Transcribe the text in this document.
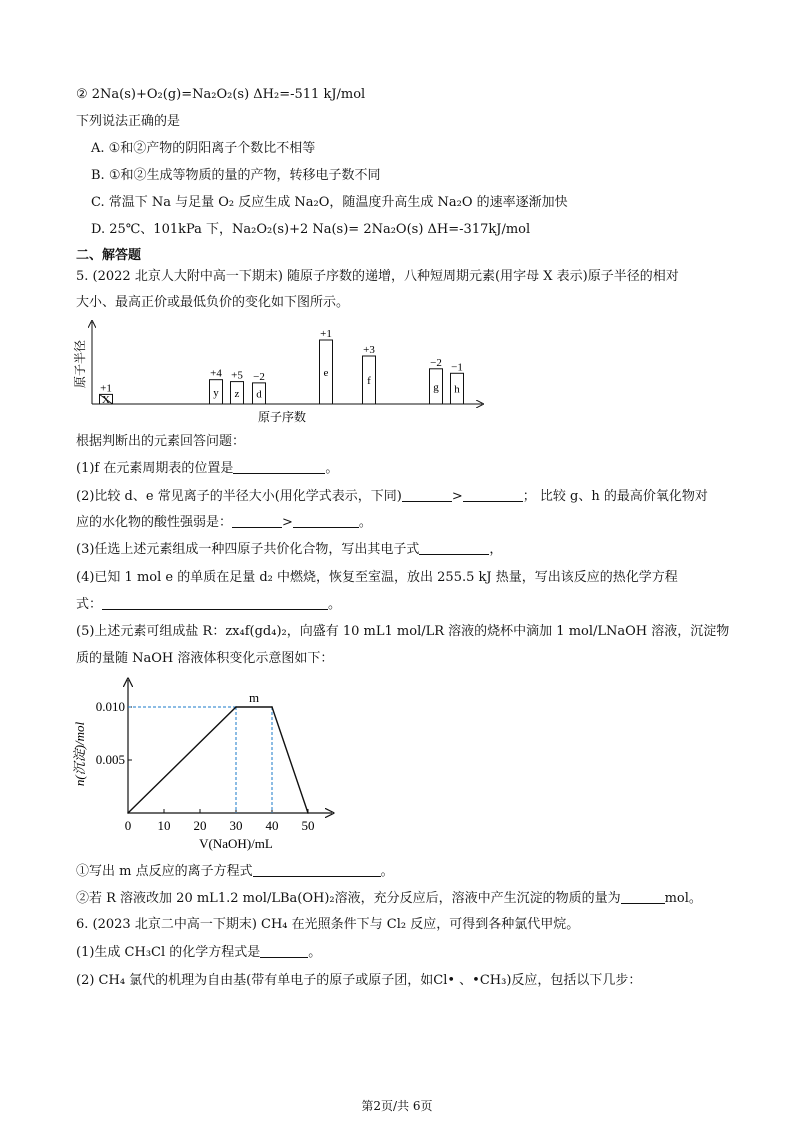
② 2Na(s)+O₂(g)=Na₂O₂(s) ΔH₂=-511 kJ/mol
下列说法正确的是
A. ①和②产物的阴阳离子个数比不相等
B. ①和②生成等物质的量的产物，转移电子数不同
C. 常温下 Na 与足量 O₂ 反应生成 Na₂O，随温度升高生成 Na₂O 的速率逐渐加快
D. 25℃、101kPa 下，Na₂O₂(s)+2 Na(s)= 2Na₂O(s) ΔH=-317kJ/mol
二、解答题
5. (2022 北京人大附中高一下期末) 随原子序数的递增，八种短周期元素(用字母 X 表示)原子半径的相对
大小、最高正价或最低负价的变化如下图所示。
原子半径
原子序数
X
+1	y
+4
z
+5
d
−2	e
+1
f
+3
g
−2
h
−1
根据判断出的元素回答问题：
(1)f 在元素周期表的位置是	。
(2)比较 d、e 常见离子的半径大小(用化学式表示，下同)	>	； 比较 g、h 的最高价氧化物对
应的水化物的酸性强弱是：	>	。
(3)任选上述元素组成一种四原子共价化合物，写出其电子式	，
(4)已知 1 mol e 的单质在足量 d₂ 中燃烧，恢复至室温，放出 255.5 kJ 热量，写出该反应的热化学方程
式：	。
(5)上述元素可组成盐 R：zx₄f(gd₄)₂，向盛有 10 mL1 mol/LR 溶液的烧杯中滴加 1 mol/LNaOH 溶液，沉淀物
质的量随 NaOH 溶液体积变化示意图如下：
n(沉淀)/mol
V(NaOH)/mL
0 10 20 30 40 50
0.005
0.010
m
①写出 m 点反应的离子方程式	。
②若 R 溶液改加 20 mL1.2 mol/LBa(OH)₂溶液，充分反应后，溶液中产生沉淀的物质的量为	mol。
6. (2023 北京二中高一下期末) CH₄ 在光照条件下与 Cl₂ 反应，可得到各种氯代甲烷。
(1)生成 CH₃Cl 的化学方程式是	。
(2) CH₄ 氯代的机理为自由基(带有单电子的原子或原子团，如Cl• 、•CH₃)反应，包括以下几步：
第2页/共 6页
